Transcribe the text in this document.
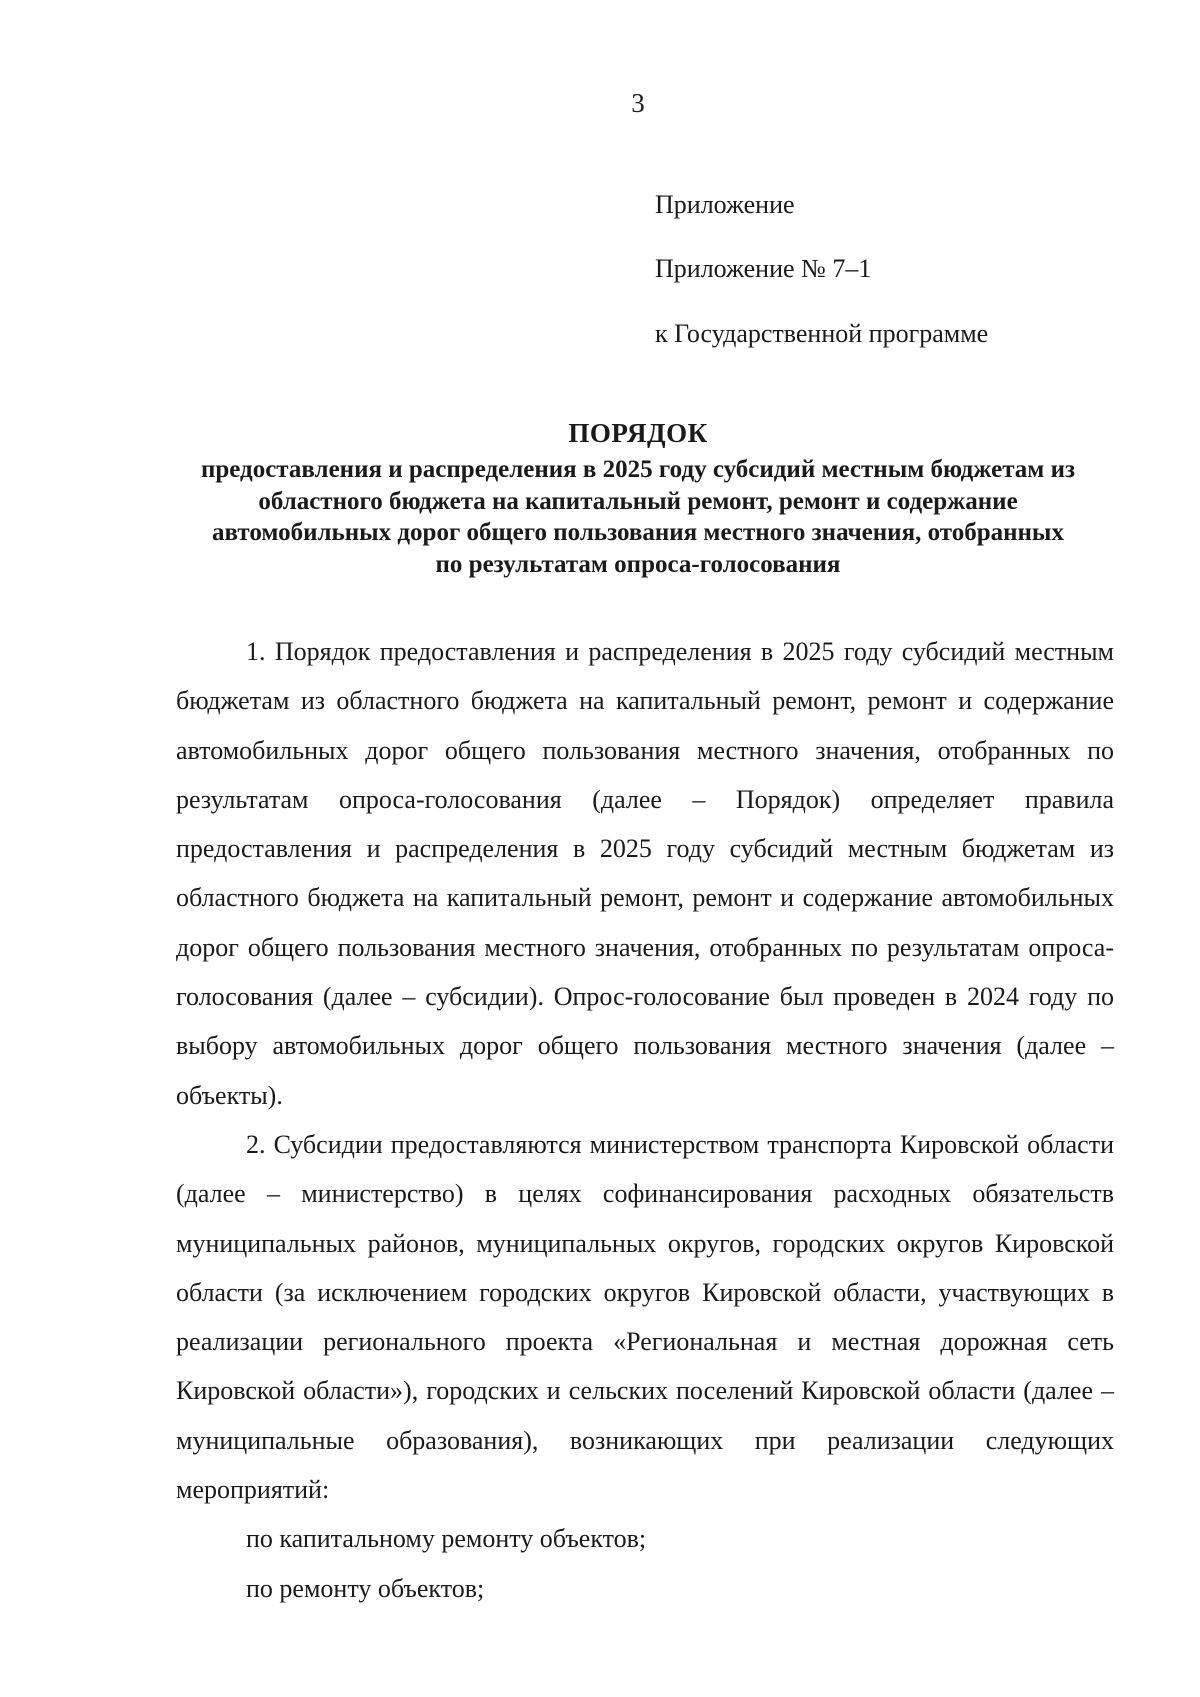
3
Приложение
Приложение № 7–1
к Государственной программе
ПОРЯДОК
предоставления и распределения в 2025 году субсидий местным бюджетам из областного бюджета на капитальный ремонт, ремонт и содержание автомобильных дорог общего пользования местного значения, отобранных по результатам опроса-голосования

1. Порядок предоставления и распределения в 2025 году субсидий местным бюджетам из областного бюджета на капитальный ремонт, ремонт и содержание автомобильных дорог общего пользования местного значения, отобранных по результатам опроса-голосования (далее – Порядок) определяет правила предоставления и распределения в 2025 году субсидий местным бюджетам из областного бюджета на капитальный ремонт, ремонт и содержание автомобильных дорог общего пользования местного значения, отобранных по результатам опроса-голосования (далее – субсидии). Опрос-голосование был проведен в 2024 году по выбору автомобильных дорог общего пользования местного значения (далее – объекты).

2. Субсидии предоставляются министерством транспорта Кировской области (далее – министерство) в целях софинансирования расходных обязательств муниципальных районов, муниципальных округов, городских округов Кировской области (за исключением городских округов Кировской области, участвующих в реализации регионального проекта «Региональная и местная дорожная сеть Кировской области»), городских и сельских поселений Кировской области (далее – муниципальные образования), возникающих при реализации следующих мероприятий:

по капитальному ремонту объектов;

по ремонту объектов;
